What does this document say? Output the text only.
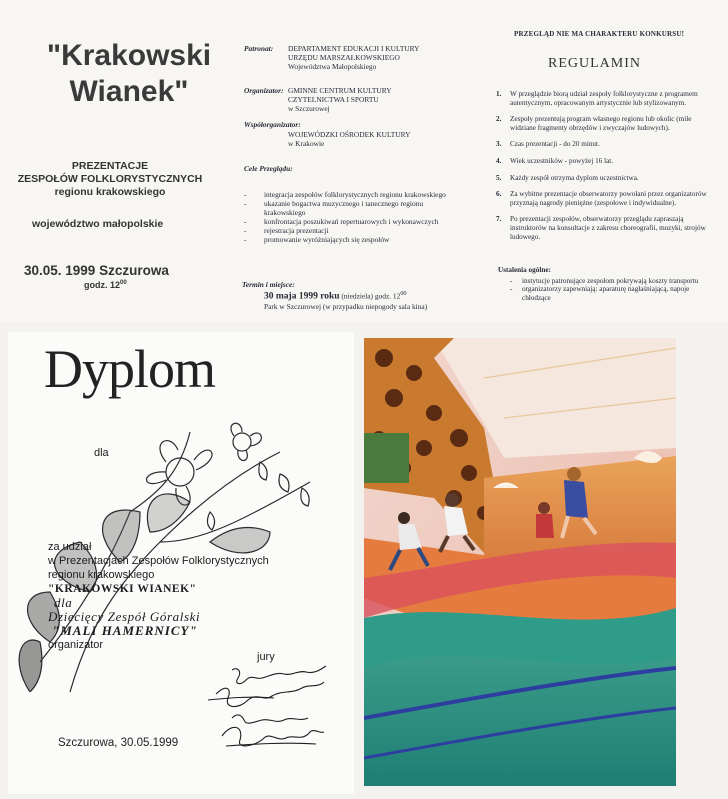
"Krakowski
Wianek"
PREZENTACJE
ZESPOŁÓW FOLKLORYSTYCZNYCH
regionu krakowskiego
województwo małopolskie
30.05. 1999 Szczurowa
godz. $12^{00}$
Patronat: DEPARTAMENT EDUKACJI I KULTURY
URZĘDU MARSZAŁKOWSKIEGO
Województwa Małopolskiego
Organizator: GMINNE CENTRUM KULTURY
CZYTELNICTWA I SPORTU
w Szczurowej
Współorganizator:
WOJEWÓDZKI OŚRODEK KULTURY
w Krakowie
Cele Przeglądu:
- integracja zespołów folklorystycznych regionu krakowskiego
- ukazanie bogactwa muzycznego i tanecznego regionu krakowskiego
- konfrontacja poszukiwań repertuarowych i wykonawczych
- rejestracja prezentacji
- promowanie wyróżniających się zespołów
Termin i miejsce:
30 maja 1999 roku (niedziela) godz. $12^{00}$
Park w Szczurowej (w przypadku niepogody sala kina)
PRZEGLĄD NIE MA CHARAKTERU KONKURSU!
REGULAMIN
1. W przeglądzie biorą udział zespoły folklorystyczne z programem autentycznym, opracowanym artystycznie lub stylizowanym.
2. Zespoły prezentują program własnego regionu lub okolic (mile widziane fragmenty obrzędów i zwyczajów ludowych).
3. Czas prezentacji - do 20 minut.
4. Wiek uczestników - powyżej 16 lat.
5. Każdy zespół otrzyma dyplom uczestnictwa.
6. Za wybitne prezentacje obserwatorzy powołani przez organizatorów przyznają nagrody pieniężne (zespołowe i indywidualne).
7. Po prezentacji zespołów, obserwatorzy przeglądu zapraszają instruktorów na konsultacje z zakresu choreografii, muzyki, strojów ludowego.
Ustalenia ogólne:
- instytucje patronujące zespołom pokrywają koszty transportu
- organizatorzy zapewniają: aparaturę nagłaśniającą, napoje chłodzące
Dyplom
dla
za udział
w Prezentacjach Zespołów Folklorystycznych
regionu krakowskiego
"KRAKOWSKI WIANEK"
dla
Dziecięcy Zespół Góralski
"MALI HAMERNICY"
organizator
jury
Szczurowa, 30.05.1999
